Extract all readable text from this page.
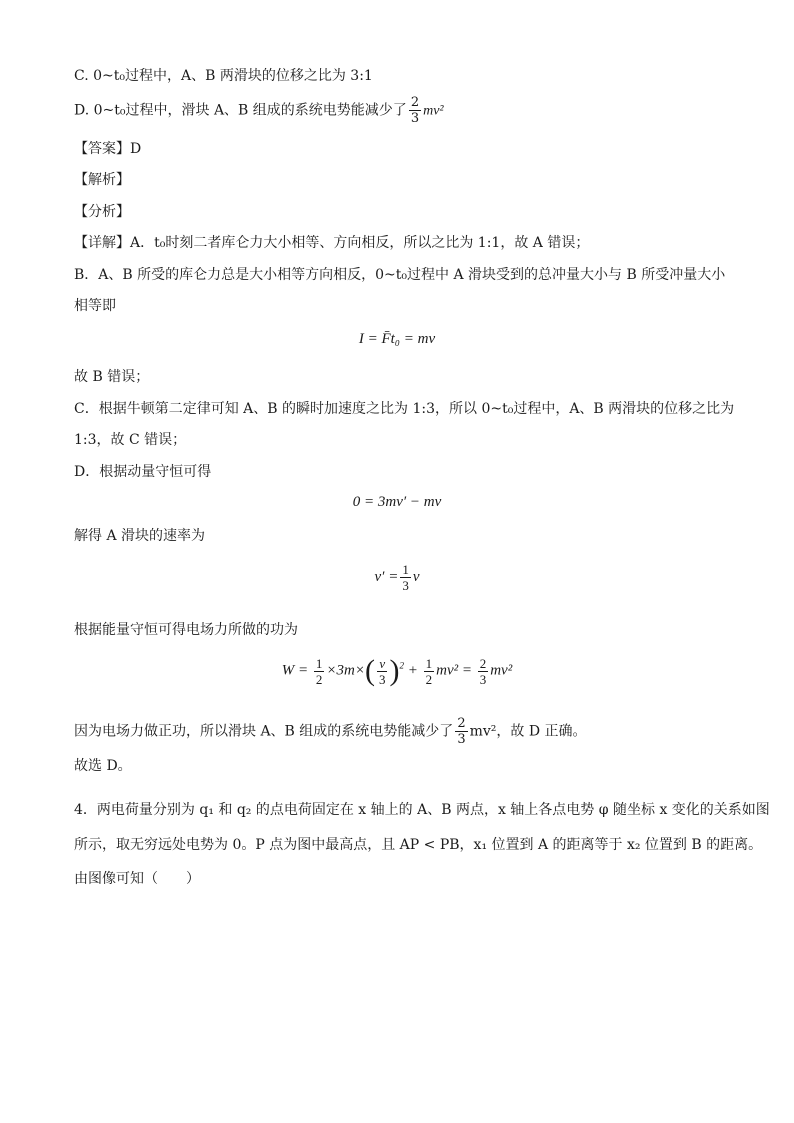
C. 0~t₀过程中，A、B 两滑块的位移之比为 3:1
D. 0~t₀过程中，滑块 A、B 组成的系统电势能减少了 $\frac{2}{3} mv^2$
【答案】D
【解析】
【分析】
【详解】A．t₀时刻二者库仑力大小相等、方向相反，所以之比为 1:1，故 A 错误；
B．A、B 所受的库仑力总是大小相等方向相反，0~t₀过程中 A 滑块受到的总冲量大小与 B 所受冲量大小
相等即
I = F̄t₀ = mv
故 B 错误；
C．根据牛顿第二定律可知 A、B 的瞬时加速度之比为 1:3，所以 0~t₀过程中，A、B 两滑块的位移之比为
1:3，故 C 错误；
D．根据动量守恒可得
0 = 3mv′ − mv
解得 A 滑块的速率为
$v' = \frac{1}{3}$ v
根据能量守恒可得电场力所做的功为
$W = \frac{1}{2} \times 3m\times( \frac{v}{3} )^2 + \frac{1}{2} mv^2 = \frac{2}{3} mv^2$
因为电场力做正功，所以滑块 A、B 组成的系统电势能减少了 $\frac{2}{3} mv^2$，故 D 正确。
故选 D。
4．两电荷量分别为 q₁ 和 q₂ 的点电荷固定在 x 轴上的 A、B 两点，x 轴上各点电势 φ 随坐标 x 变化的关系如图
所示，取无穷远处电势为 0。P 点为图中最高点，且 AP < PB，x₁ 位置到 A 的距离等于 x₂ 位置到 B 的距离。
由图像可知（　　）
